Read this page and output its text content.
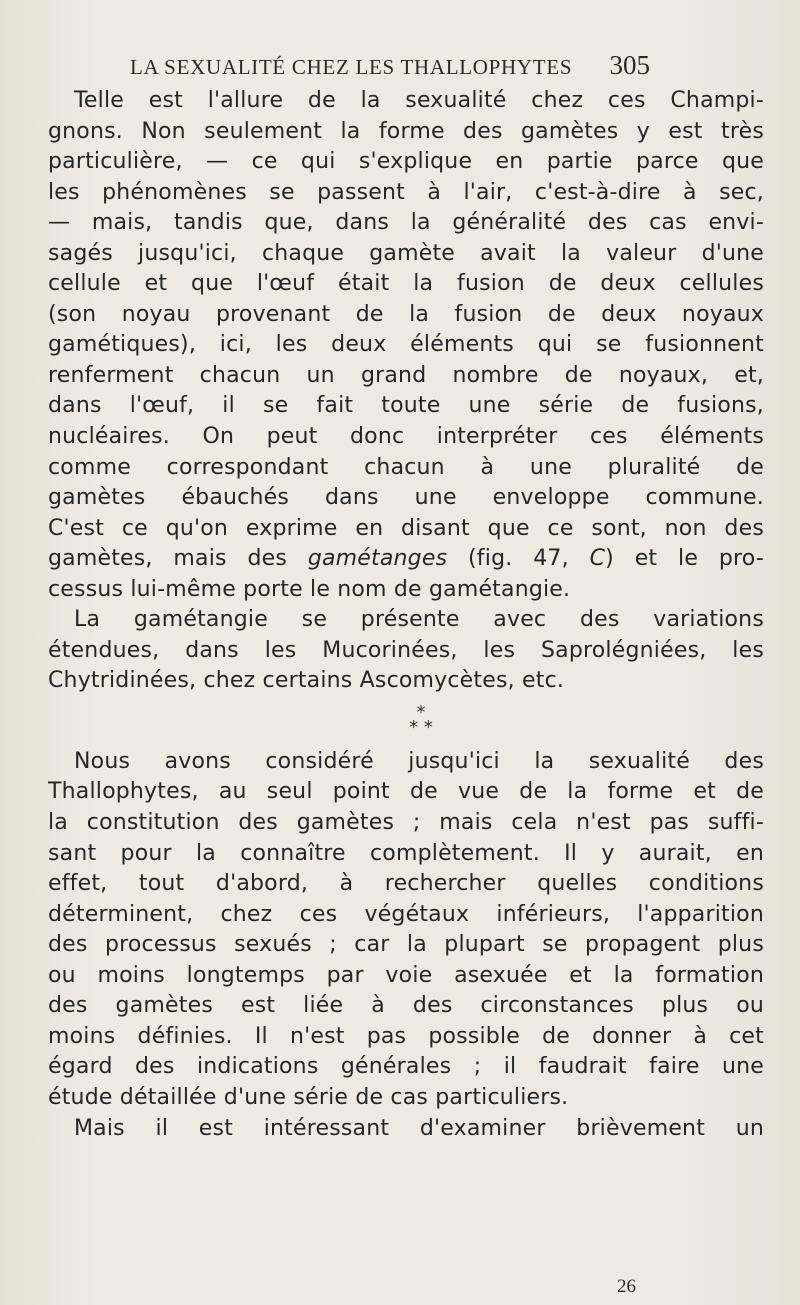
LA SEXUALITÉ CHEZ LES THALLOPHYTES 305
Telle est l'allure de la sexualité chez ces Champi-
gnons. Non seulement la forme des gamètes y est très
particulière, — ce qui s'explique en partie parce que
les phénomènes se passent à l'air, c'est-à-dire à sec,
— mais, tandis que, dans la généralité des cas envi-
sagés jusqu'ici, chaque gamète avait la valeur d'une
cellule et que l'œuf était la fusion de deux cellules
(son noyau provenant de la fusion de deux noyaux
gamétiques), ici, les deux éléments qui se fusionnent
renferment chacun un grand nombre de noyaux, et,
dans l'œuf, il se fait toute une série de fusions,
nucléaires. On peut donc interpréter ces éléments
comme correspondant chacun à une pluralité de
gamètes ébauchés dans une enveloppe commune.
C'est ce qu'on exprime en disant que ce sont, non des
gamètes, mais des gamétanges (fig. 47, C) et le pro-
cessus lui-même porte le nom de gamétangie.
La gamétangie se présente avec des variations
étendues, dans les Mucorinées, les Saprolégniées, les
Chytridinées, chez certains Ascomycètes, etc.
*
* *
Nous avons considéré jusqu'ici la sexualité des
Thallophytes, au seul point de vue de la forme et de
la constitution des gamètes ; mais cela n'est pas suffi-
sant pour la connaître complètement. Il y aurait, en
effet, tout d'abord, à rechercher quelles conditions
déterminent, chez ces végétaux inférieurs, l'apparition
des processus sexués ; car la plupart se propagent plus
ou moins longtemps par voie asexuée et la formation
des gamètes est liée à des circonstances plus ou
moins définies. Il n'est pas possible de donner à cet
égard des indications générales ; il faudrait faire une
étude détaillée d'une série de cas particuliers.
Mais il est intéressant d'examiner brièvement un
26
